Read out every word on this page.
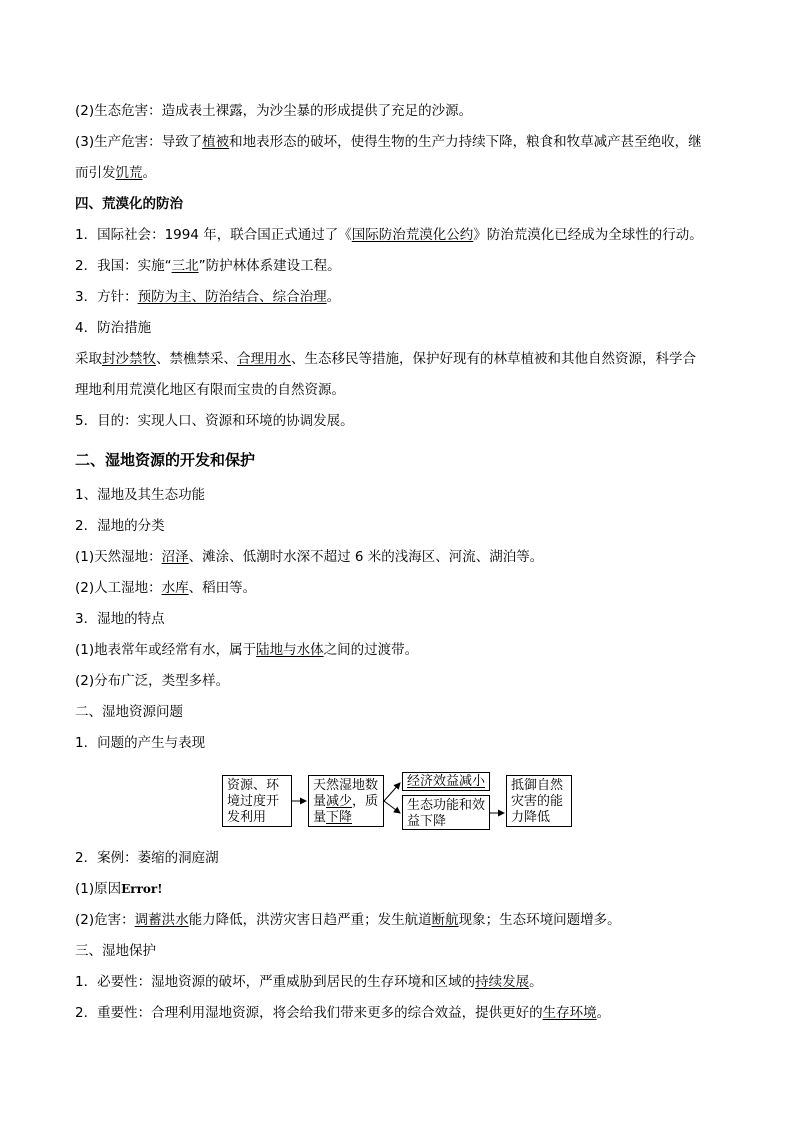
(2)生态危害：造成表土裸露，为沙尘暴的形成提供了充足的沙源。
(3)生产危害：导致了植被和地表形态的破坏，使得生物的生产力持续下降，粮食和牧草减产甚至绝收，继
而引发饥荒。
四、荒漠化的防治
1．国际社会：1994 年，联合国正式通过了《国际防治荒漠化公约》防治荒漠化已经成为全球性的行动。
2．我国：实施“三北”防护林体系建设工程。
3．方针：预防为主、防治结合、综合治理。
4．防治措施
采取封沙禁牧、禁樵禁采、合理用水、生态移民等措施，保护好现有的林草植被和其他自然资源，科学合
理地利用荒漠化地区有限而宝贵的自然资源。
5．目的：实现人口、资源和环境的协调发展。
二、湿地资源的开发和保护
1、湿地及其生态功能
2．湿地的分类
(1)天然湿地：沼泽、滩涂、低潮时水深不超过 6 米的浅海区、河流、湖泊等。
(2)人工湿地：水库、稻田等。
3．湿地的特点
(1)地表常年或经常有水，属于陆地与水体之间的过渡带。
(2)分布广泛，类型多样。
二、湿地资源问题
1．问题的产生与表现
资源、环境过度开发利用
天然湿地数量减少，质量下降
经济效益减小
生态功能和效益下降
抵御自然灾害的能力降低
2．案例：萎缩的洞庭湖
(1)原因Error!
(2)危害：调蓄洪水能力降低，洪涝灾害日趋严重；发生航道断航现象；生态环境问题增多。
三、湿地保护
1．必要性：湿地资源的破坏，严重威胁到居民的生存环境和区域的持续发展。
2．重要性：合理利用湿地资源，将会给我们带来更多的综合效益，提供更好的生存环境。
